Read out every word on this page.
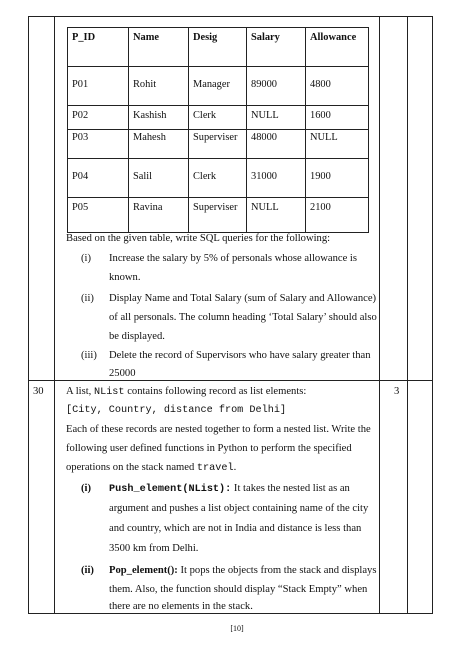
P_ID	Name	Desig	Salary	Allowance
P01	Rohit	Manager	89000	4800
P02	Kashish	Clerk	NULL	1600
P03	Mahesh	Superviser	48000	NULL
P04	Salil	Clerk	31000	1900
P05	Ravina	Superviser	NULL	2100
Based on the given table, write SQL queries for the following:
(i) Increase the salary by 5% of personals whose allowance is
known.
(ii) Display Name and Total Salary (sum of Salary and Allowance)
of all personals. The column heading ‘Total Salary’ should also
be displayed.
(iii) Delete the record of Supervisors who have salary greater than
25000
30	3
A list, NList contains following record as list elements:
[City, Country, distance from Delhi]
Each of these records are nested together to form a nested list. Write the
following user defined functions in Python to perform the specified
operations on the stack named travel.
(i) Push_element(NList): It takes the nested list as an
argument and pushes a list object containing name of the city
and country, which are not in India and distance is less than
3500 km from Delhi.
(ii) Pop_element(): It pops the objects from the stack and displays
them. Also, the function should display “Stack Empty” when
there are no elements in the stack.
[10]
